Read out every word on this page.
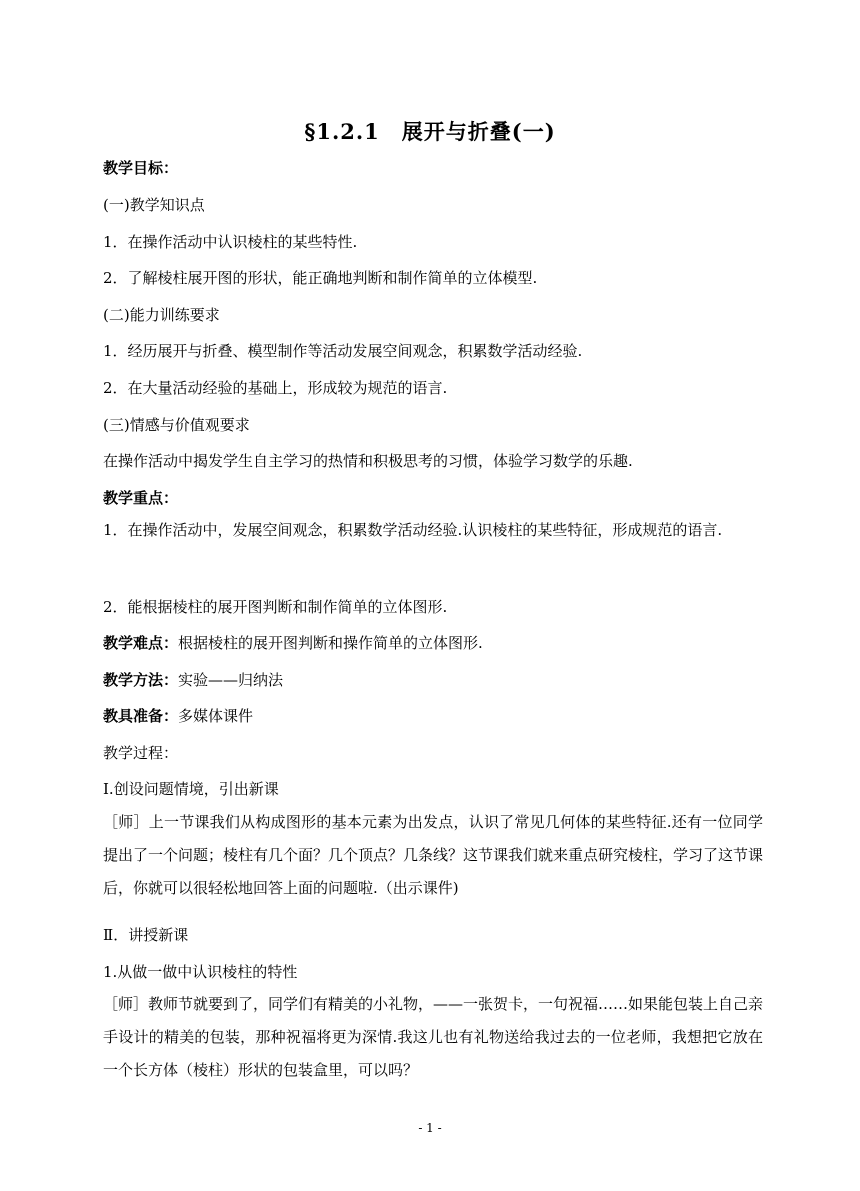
§1.2.1　展开与折叠(一)
教学目标：
(一)教学知识点
1．在操作活动中认识棱柱的某些特性.
2．了解棱柱展开图的形状，能正确地判断和制作简单的立体模型.
(二)能力训练要求
1．经历展开与折叠、模型制作等活动发展空间观念，积累数学活动经验.
2．在大量活动经验的基础上，形成较为规范的语言.
(三)情感与价值观要求
在操作活动中揭发学生自主学习的热情和积极思考的习惯，体验学习数学的乐趣.
教学重点：
1．在操作活动中，发展空间观念，积累数学活动经验.认识棱柱的某些特征，形成规范的语言.
2．能根据棱柱的展开图判断和制作简单的立体图形.
教学难点：根据棱柱的展开图判断和操作简单的立体图形.
教学方法：实验——归纳法
教具准备：多媒体课件
教学过程：
Ⅰ.创设问题情境，引出新课
［师］上一节课我们从构成图形的基本元素为出发点，认识了常见几何体的某些特征.还有一位同学提出了一个问题；棱柱有几个面？几个顶点？几条线？这节课我们就来重点研究棱柱，学习了这节课后，你就可以很轻松地回答上面的问题啦.（出示课件)
Ⅱ．讲授新课
1.从做一做中认识棱柱的特性
［师］教师节就要到了，同学们有精美的小礼物，——一张贺卡，一句祝福……如果能包装上自己亲手设计的精美的包装，那种祝福将更为深情.我这儿也有礼物送给我过去的一位老师，我想把它放在一个长方体（棱柱）形状的包装盒里，可以吗？
- 1 -
